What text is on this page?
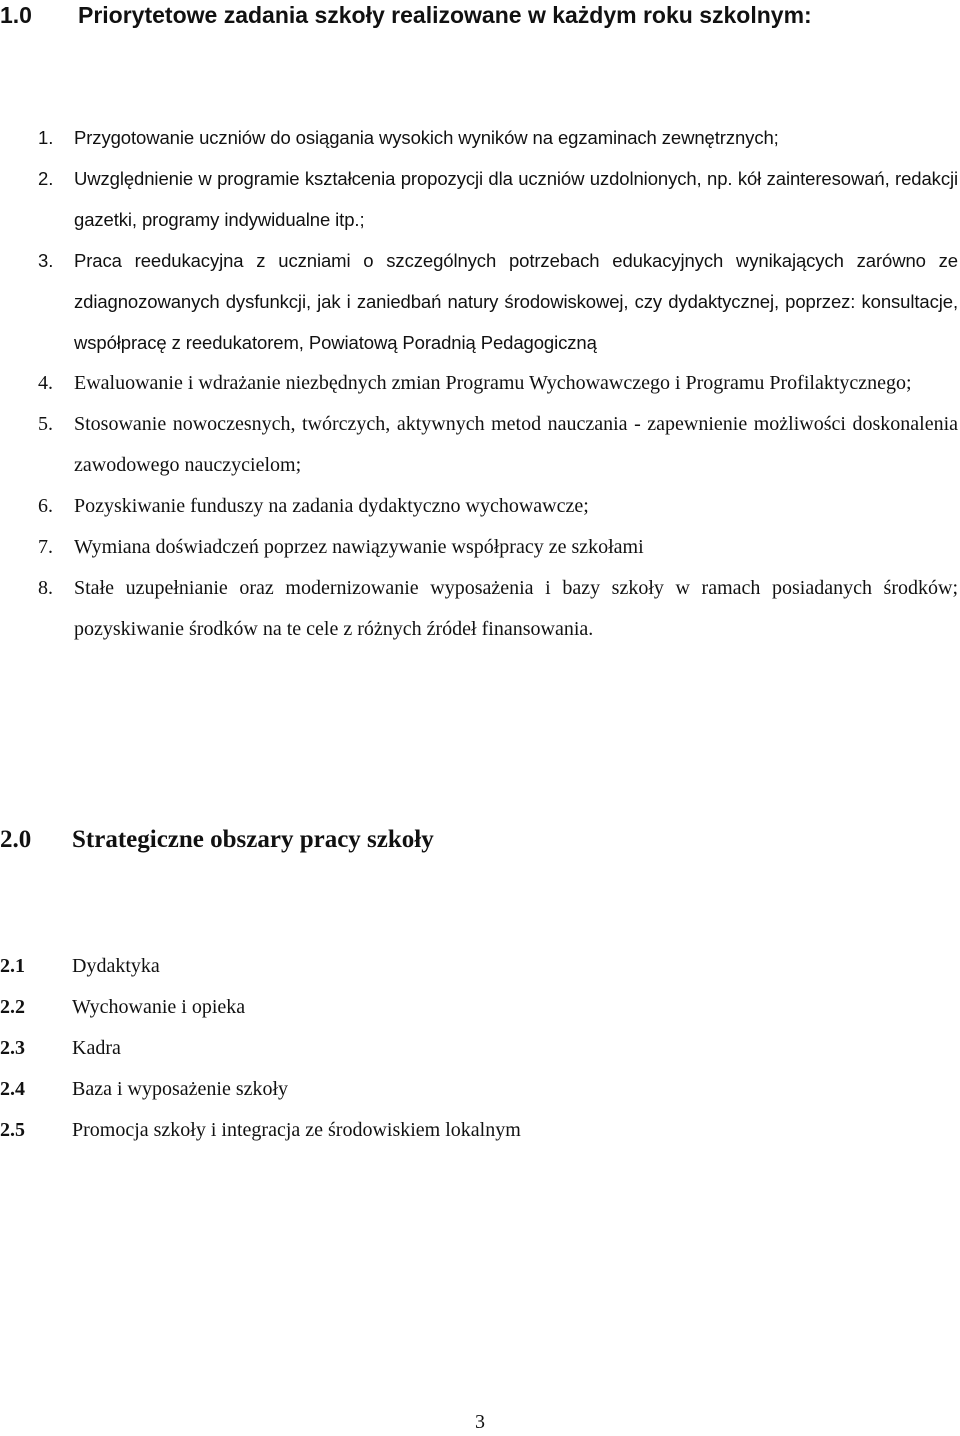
1.0 Priorytetowe zadania szkoły realizowane w każdym roku szkolnym:
1.	Przygotowanie uczniów do osiągania wysokich wyników na egzaminach zewnętrznych;
2.	Uwzględnienie w programie kształcenia propozycji dla uczniów uzdolnionych, np. kół zainteresowań, redakcji gazetki, programy indywidualne itp.;
3.	Praca reedukacyjna z uczniami o szczególnych potrzebach edukacyjnych wynikających zarówno ze zdiagnozowanych dysfunkcji, jak i zaniedbań natury środowiskowej, czy dydaktycznej, poprzez: konsultacje, współpracę z reedukatorem, Powiatową Poradnią Pedagogiczną
4.	Ewaluowanie i wdrażanie niezbędnych zmian Programu Wychowawczego i Programu Profilaktycznego;
5.	Stosowanie nowoczesnych, twórczych, aktywnych metod nauczania - zapewnienie możliwości doskonalenia zawodowego nauczycielom;
6.	Pozyskiwanie funduszy na zadania dydaktyczno wychowawcze;
7.	Wymiana doświadczeń poprzez nawiązywanie współpracy ze szkołami
8.	Stałe uzupełnianie oraz modernizowanie wyposażenia i bazy szkoły w ramach posiadanych środków; pozyskiwanie środków na te cele z różnych źródeł finansowania.
2.0 Strategiczne obszary pracy szkoły
2.1 Dydaktyka
2.2 Wychowanie i opieka
2.3 Kadra
2.4 Baza i wyposażenie szkoły
2.5 Promocja szkoły i integracja ze środowiskiem lokalnym
3
